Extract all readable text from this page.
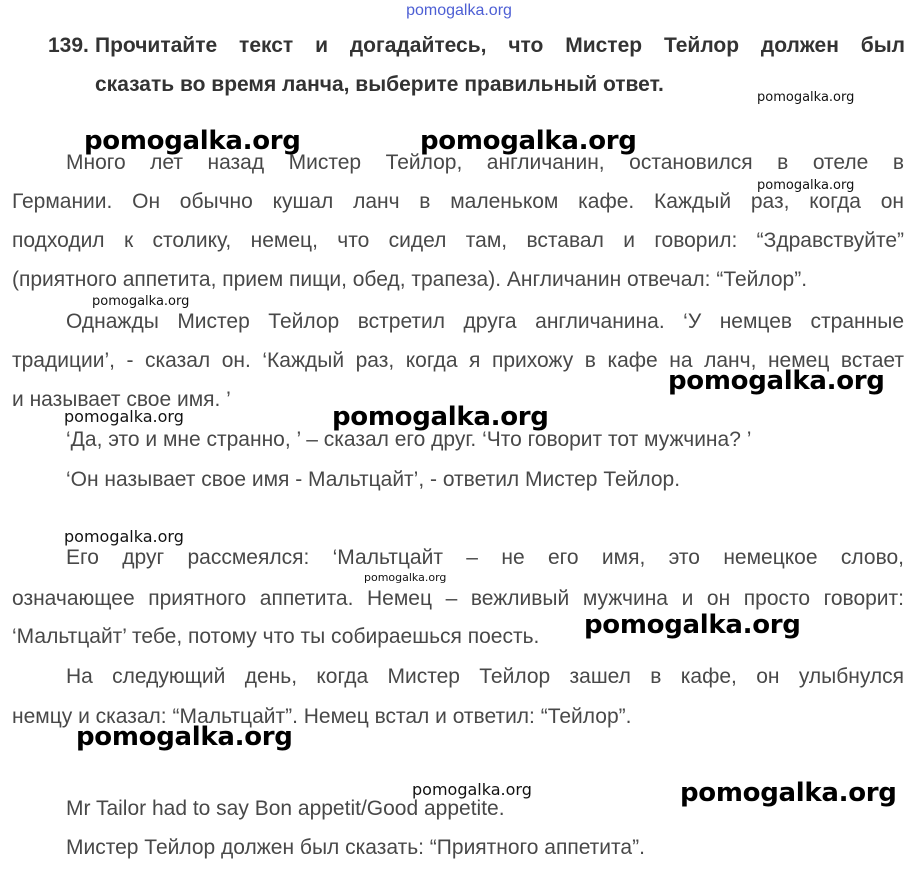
pomogalka.org
139. Прочитайте текст и догадайтесь, что Мистер Тейлор должен был
сказать во время ланча, выберите правильный ответ.
Много лет назад Мистер Тейлор, англичанин, остановился в отеле в
Германии. Он обычно кушал ланч в маленьком кафе. Каждый раз, когда он
подходил к столику, немец, что сидел там, вставал и говорил: “Здравствуйте”
(приятного аппетита, прием пищи, обед, трапеза). Англичанин отвечал: “Тейлор”.
Однажды Мистер Тейлор встретил друга англичанина. ‘У немцев странные
традиции’, - сказал он. ‘Каждый раз, когда я прихожу в кафе на ланч, немец встает
и называет свое имя. ’
‘Да, это и мне странно, ’ – сказал его друг. ‘Что говорит тот мужчина? ’
‘Он называет свое имя - Мальтцайт’, - ответил Мистер Тейлор.
Его друг рассмеялся: ‘Мальтцайт – не его имя, это немецкое слово,
означающее приятного аппетита. Немец – вежливый мужчина и он просто говорит:
‘Мальтцайт’ тебе, потому что ты собираешься поесть.
На следующий день, когда Мистер Тейлор зашел в кафе, он улыбнулся
немцу и сказал: “Мальтцайт”. Немец встал и ответил: “Тейлор”.
Mr Tailor had to say Bon appetit/Good appetite.
Мистер Тейлор должен был сказать: “Приятного аппетита”.
pomogalka.org
pomogalka.org	pomogalka.org
pomogalka.org
pomogalka.org
pomogalka.org
pomogalka.org	pomogalka.org
pomogalka.org
pomogalka.org
pomogalka.org
pomogalka.org
pomogalka.org	pomogalka.org
